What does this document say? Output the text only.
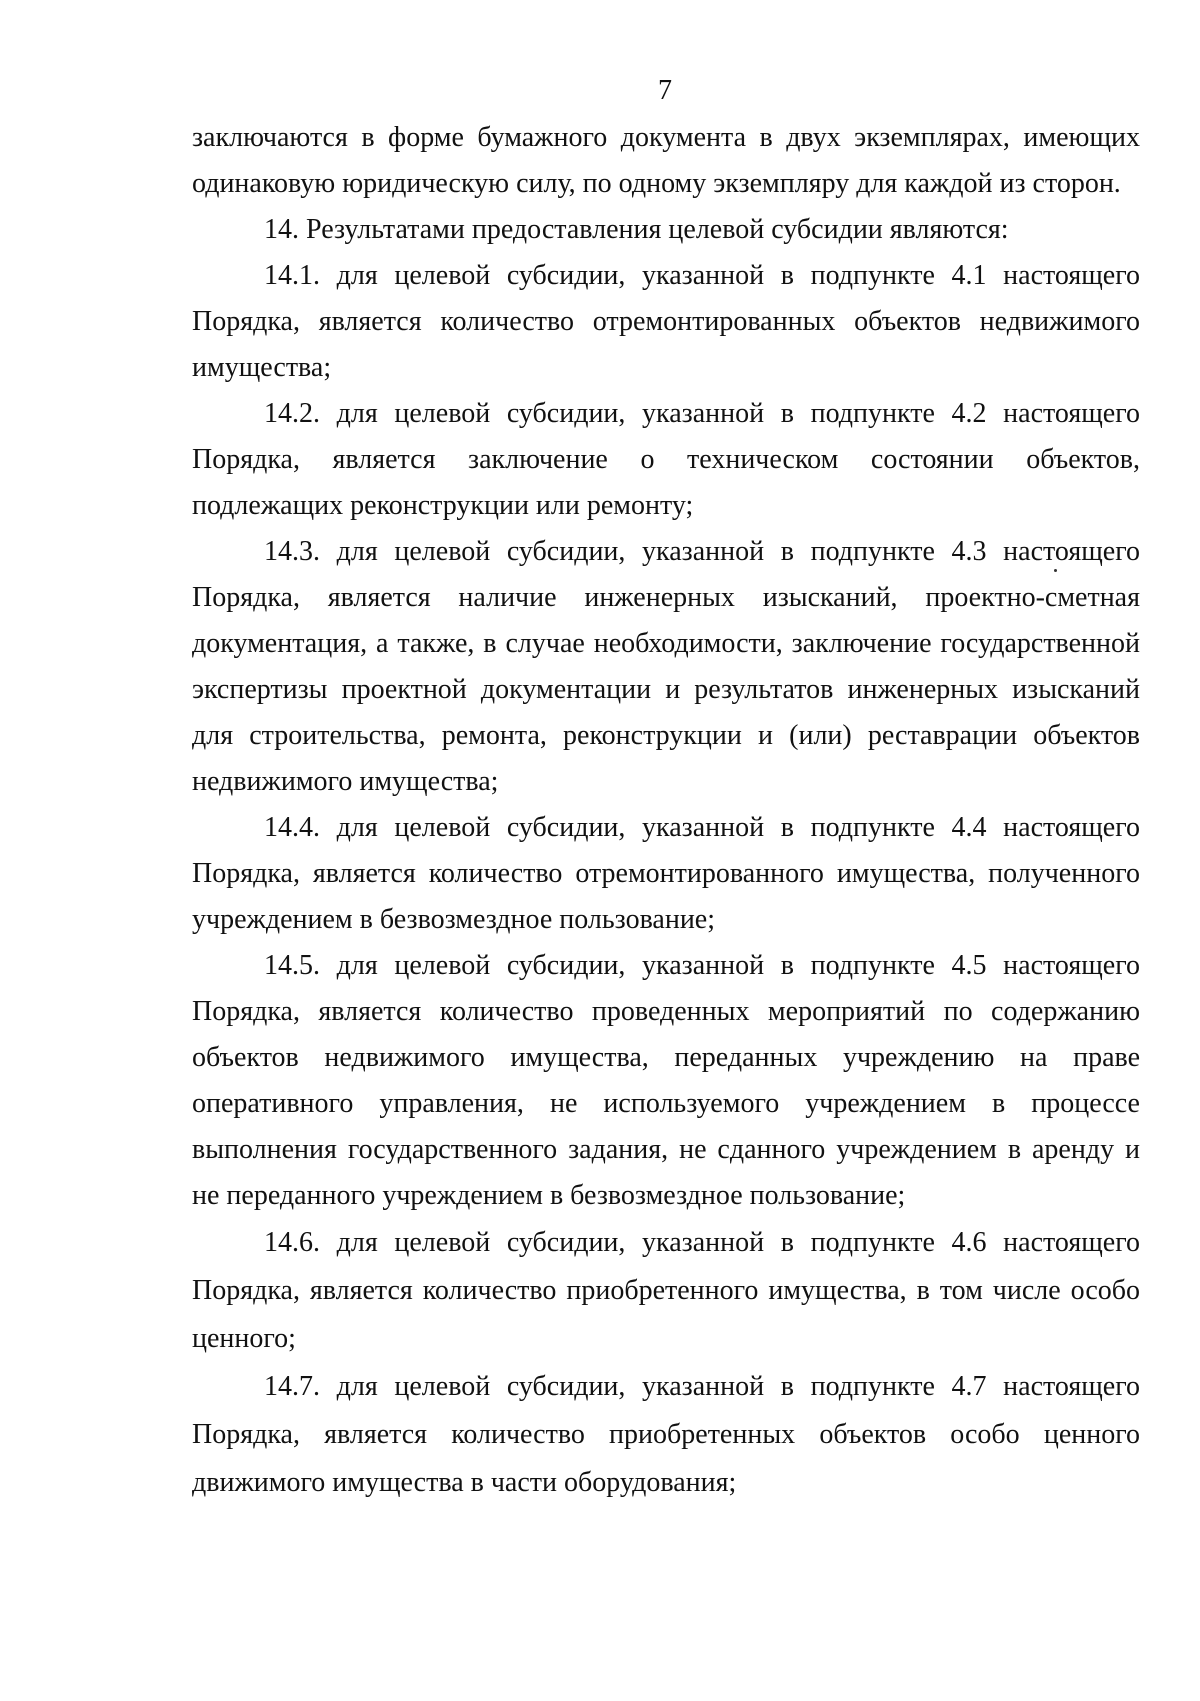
7

заключаются в форме бумажного документа в двух экземплярах, имеющих одинаковую юридическую силу, по одному экземпляру для каждой из сторон.

14. Результатами предоставления целевой субсидии являются:

14.1. для целевой субсидии, указанной в подпункте 4.1 настоящего Порядка, является количество отремонтированных объектов недвижимого имущества;

14.2. для целевой субсидии, указанной в подпункте 4.2 настоящего Порядка, является заключение о техническом состоянии объектов, подлежащих реконструкции или ремонту;

14.3. для целевой субсидии, указанной в подпункте 4.3 настоящего Порядка, является наличие инженерных изысканий, проектно-сметная документация, а также, в случае необходимости, заключение государственной экспертизы проектной документации и результатов инженерных изысканий для строительства, ремонта, реконструкции и (или) реставрации объектов недвижимого имущества;

14.4. для целевой субсидии, указанной в подпункте 4.4 настоящего Порядка, является количество отремонтированного имущества, полученного учреждением в безвозмездное пользование;

14.5. для целевой субсидии, указанной в подпункте 4.5 настоящего Порядка, является количество проведенных мероприятий по содержанию объектов недвижимого имущества, переданных учреждению на праве оперативного управления, не используемого учреждением в процессе выполнения государственного задания, не сданного учреждением в аренду и не переданного учреждением в безвозмездное пользование;

14.6. для целевой субсидии, указанной в подпункте 4.6 настоящего Порядка, является количество приобретенного имущества, в том числе особо ценного;

14.7. для целевой субсидии, указанной в подпункте 4.7 настоящего Порядка, является количество приобретенных объектов особо ценного движимого имущества в части оборудования;
